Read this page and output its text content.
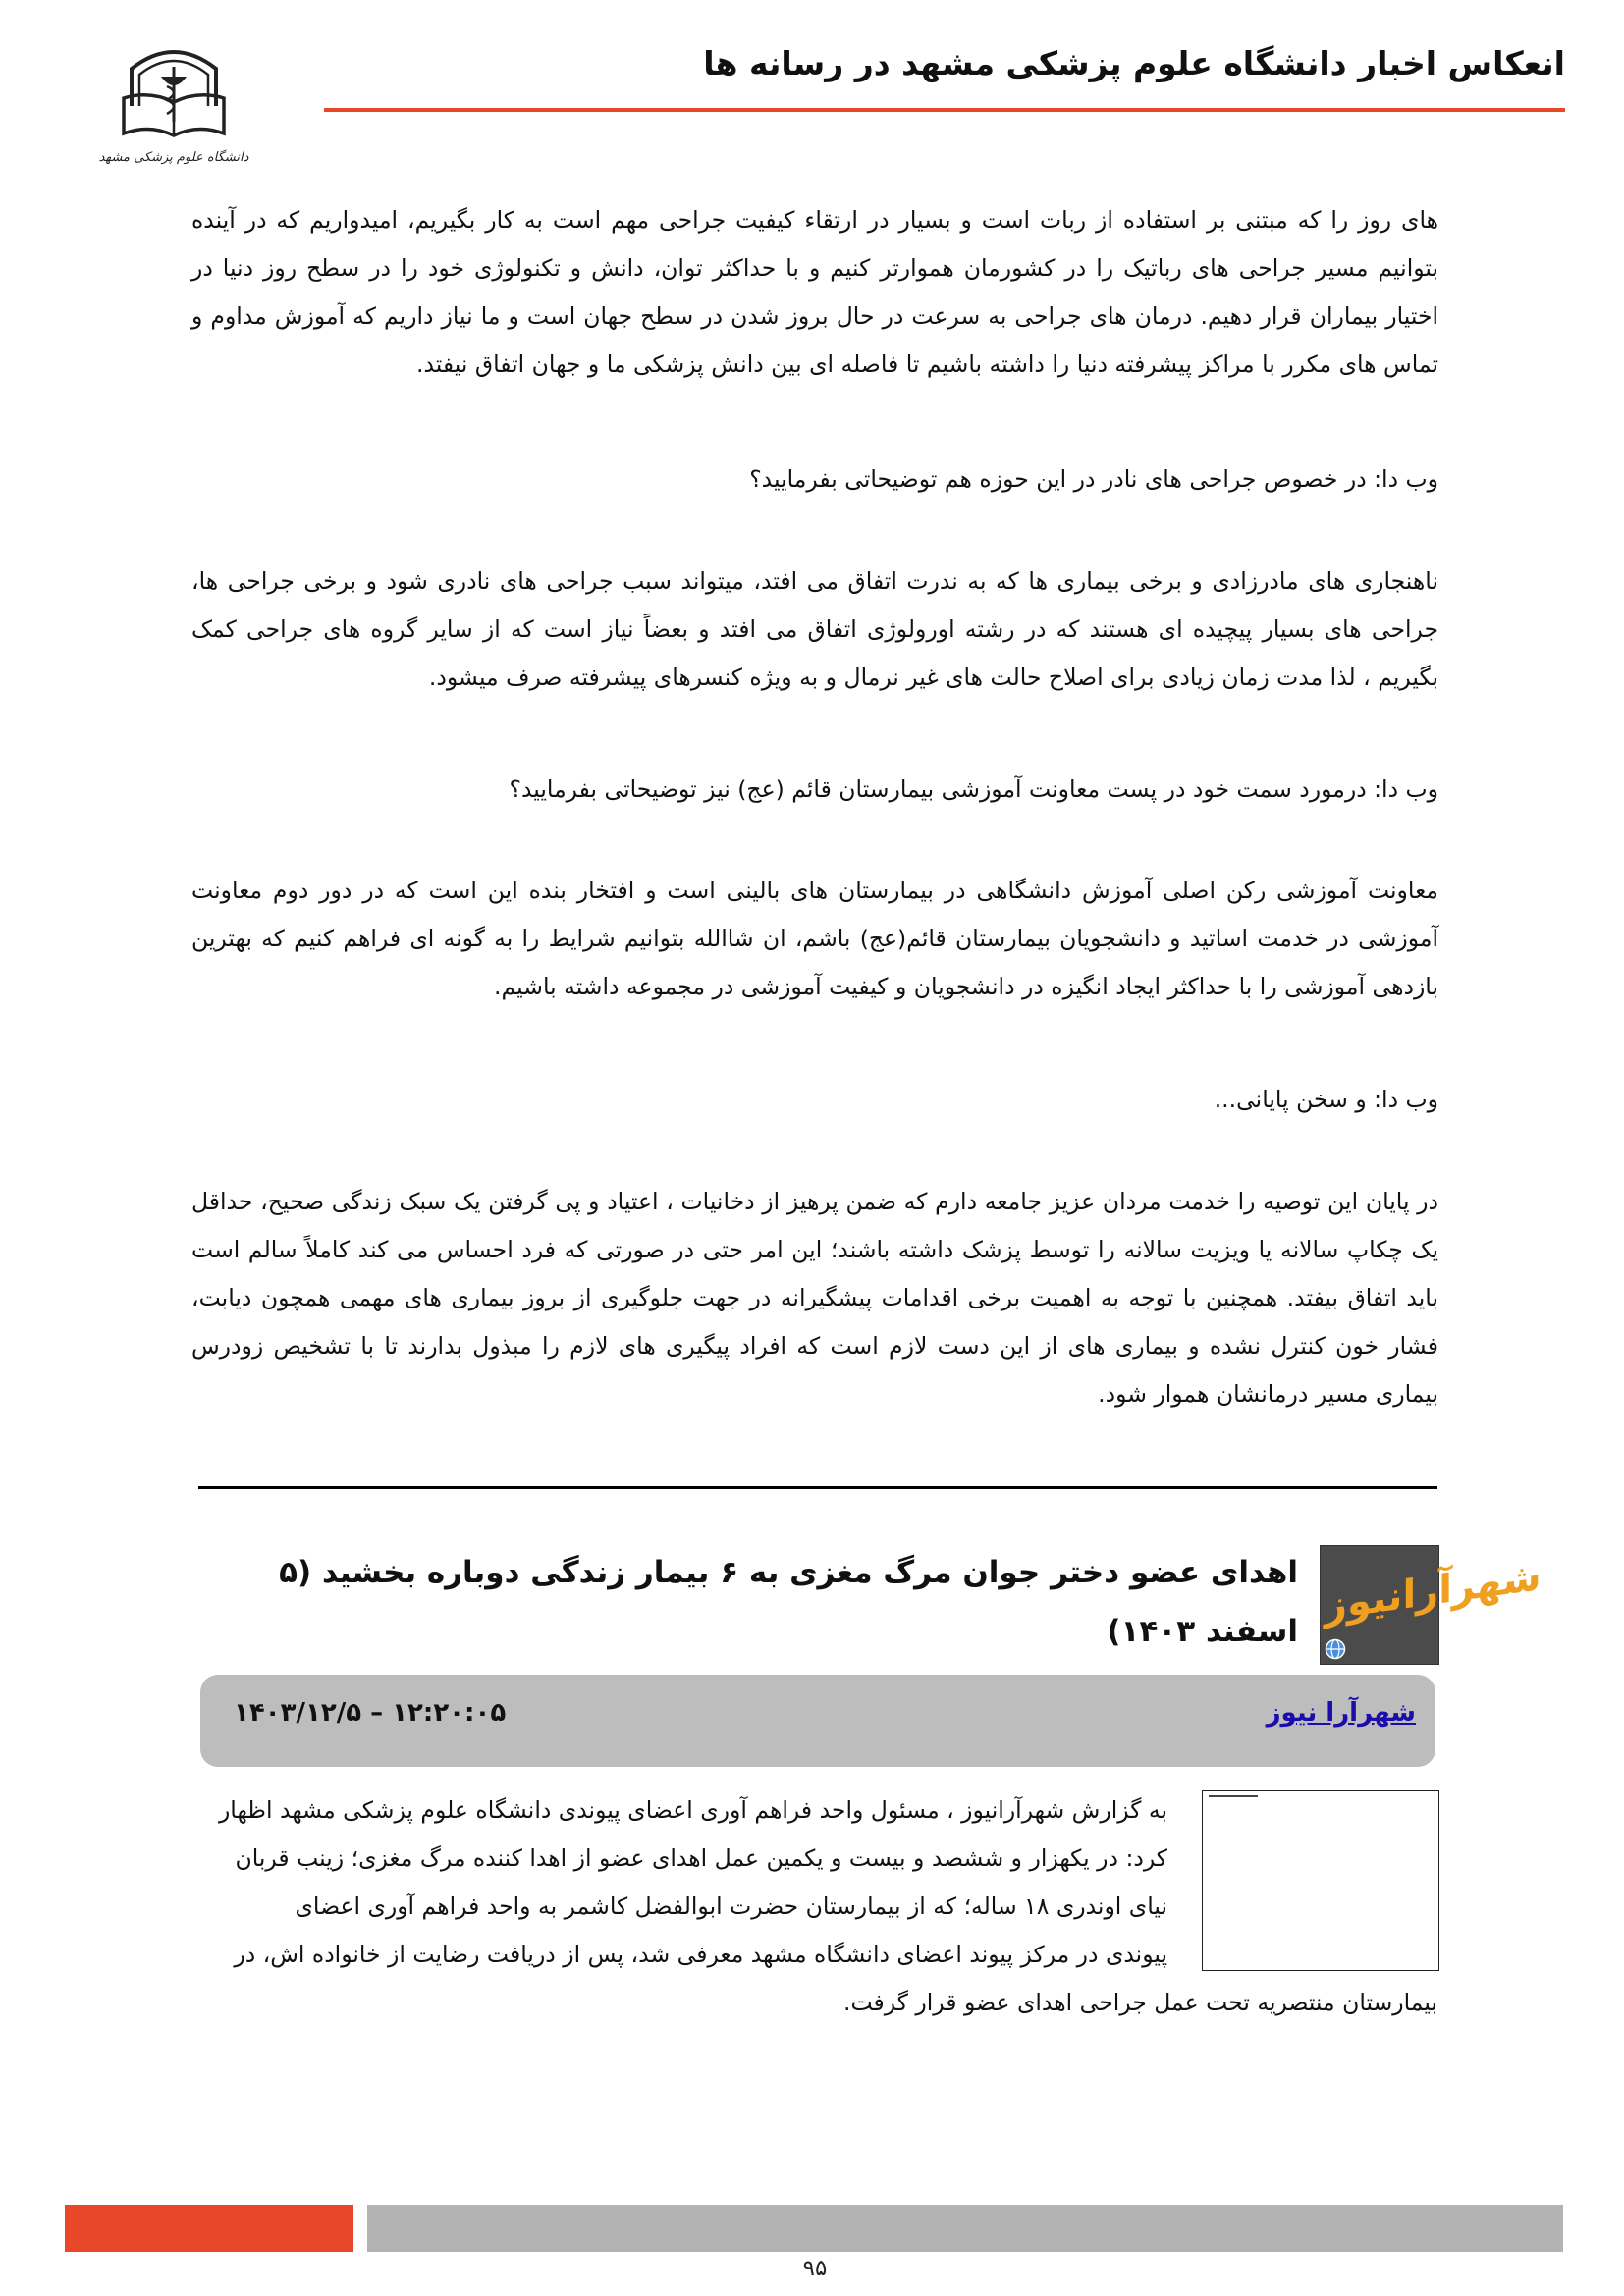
انعکاس اخبار دانشگاه علوم پزشکی مشهد در رسانه ها
دانشگاه علوم پزشکی مشهد
های روز را که مبتنی بر استفاده از ربات است و بسیار در ارتقاء کیفیت جراحی مهم است به کار بگیریم، امیدواریم که در آینده بتوانیم مسیر جراحی های رباتیک را در کشورمان هموارتر کنیم و با حداکثر توان، دانش و تکنولوژی خود را در سطح روز دنیا در اختیار بیماران قرار دهیم. درمان های جراحی به سرعت در حال بروز شدن در سطح جهان است و ما نیاز داریم که آموزش مداوم و تماس های مکرر با مراکز پیشرفته دنیا را داشته باشیم تا فاصله ای بین دانش پزشکی ما و جهان اتفاق نیفتد.
وب دا: در خصوص جراحی های نادر در این حوزه هم توضیحاتی بفرمایید؟
ناهنجاری های مادرزادی و برخی بیماری ها که به ندرت اتفاق می افتد، میتواند سبب جراحی های نادری شود و برخی جراحی ها، جراحی های بسیار پیچیده ای هستند که در رشته اورولوژی اتفاق می افتد و بعضاً نیاز است که از سایر گروه های جراحی کمک بگیریم ، لذا مدت زمان زیادی برای اصلاح حالت های غیر نرمال و به ویژه کنسرهای پیشرفته صرف میشود.
وب دا: درمورد سمت خود در پست معاونت آموزشی بیمارستان قائم (عج) نیز توضیحاتی بفرمایید؟
معاونت آموزشی رکن اصلی آموزش دانشگاهی در بیمارستان های بالینی است و افتخار بنده این است که در دور دوم معاونت آموزشی در خدمت اساتید و دانشجویان بیمارستان قائم(عج) باشم، ان شاالله بتوانیم شرایط را به گونه ای فراهم کنیم که بهترین بازدهی آموزشی را با حداکثر ایجاد انگیزه در دانشجویان و کیفیت آموزشی در مجموعه داشته باشیم.
وب دا: و سخن پایانی...
در پایان این توصیه را خدمت مردان عزیز جامعه دارم که ضمن پرهیز از دخانیات ، اعتیاد و پی گرفتن یک سبک زندگی صحیح، حداقل یک چکاپ سالانه یا ویزیت سالانه را توسط پزشک داشته باشند؛ این امر حتی در صورتی که فرد احساس می کند کاملاً سالم است باید اتفاق بیفتد. همچنین با توجه به اهمیت برخی اقدامات پیشگیرانه در جهت جلوگیری از بروز بیماری های مهمی همچون دیابت، فشار خون کنترل نشده و بیماری های از این دست لازم است که افراد پیگیری های لازم را مبذول بدارند تا با تشخیص زودرس بیماری مسیر درمانشان هموار شود.
شهرآرانیوز
اهدای عضو دختر جوان مرگ مغزی به ۶ بیمار زندگی دوباره بخشید (۵ اسفند ۱۴۰۳)
شهرآرا نیوز
۱۴۰۳/۱۲/۵ – ۱۲:۲۰:۰۵
به گزارش شهرآرانیوز ، مسئول واحد فراهم آوری اعضای پیوندی دانشگاه علوم پزشکی مشهد اظهار
کرد: در یکهزار و ششصد و بیست و یکمین عمل اهدای عضو از اهدا کننده مرگ مغزی؛ زینب قربان
نیای اوندری ۱۸ ساله؛ که از بیمارستان حضرت ابوالفضل کاشمر به واحد فراهم آوری اعضای
پیوندی در مرکز پیوند اعضای دانشگاه مشهد معرفی شد، پس از دریافت رضایت از خانواده اش، در
بیمارستان منتصریه تحت عمل جراحی اهدای عضو قرار گرفت.
۹۵
